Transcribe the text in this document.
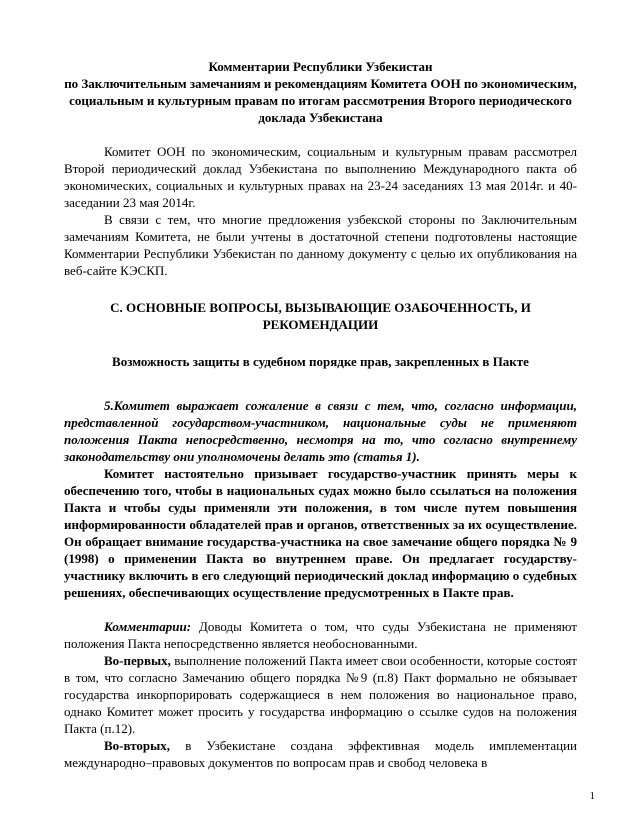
Комментарии Республики Узбекистан

по Заключительным замечаниям и рекомендациям Комитета ООН по экономическим, социальным и культурным правам по итогам рассмотрения Второго периодического доклада Узбекистана

Комитет ООН по экономическим, социальным и культурным правам рассмотрел Второй периодический доклад Узбекистана по выполнению Международного пакта об экономических, социальных и культурных правах на 23-24 заседаниях 13 мая 2014г. и 40-заседании 23 мая 2014г.

В связи с тем, что многие предложения узбекской стороны по Заключительным замечаниям Комитета, не были учтены в достаточной степени подготовлены настоящие Комментарии Республики Узбекистан по данному документу с целью их опубликования на веб-сайте КЭСКП.

С. ОСНОВНЫЕ ВОПРОСЫ, ВЫЗЫВАЮЩИЕ ОЗАБОЧЕННОСТЬ, И РЕКОМЕНДАЦИИ

Возможность защиты в судебном порядке прав, закрепленных в Пакте

5.Комитет выражает сожаление в связи с тем, что, согласно информации, представленной государством-участником, национальные суды не применяют положения Пакта непосредственно, несмотря на то, что согласно внутреннему законодательству они уполномочены делать это (статья 1).

Комитет настоятельно призывает государство-участник принять меры к обеспечению того, чтобы в национальных судах можно было ссылаться на положения Пакта и чтобы суды применяли эти положения, в том числе путем повышения информированности обладателей прав и органов, ответственных за их осуществление. Он обращает внимание государства-участника на свое замечание общего порядка № 9 (1998) о применении Пакта во внутреннем праве. Он предлагает государству-участнику включить в его следующий периодический доклад информацию о судебных решениях, обеспечивающих осуществление предусмотренных в Пакте прав.

Комментарии: Доводы Комитета о том, что суды Узбекистана не применяют положения Пакта непосредственно является необоснованными.

Во-первых, выполнение положений Пакта имеет свои особенности, которые состоят в том, что согласно Замечанию общего порядка №9 (п.8) Пакт формально не обязывает государства инкорпорировать содержащиеся в нем положения во национальное право, однако Комитет может просить у государства информацию о ссылке судов на положения Пакта (п.12).

Во-вторых, в Узбекистане создана эффективная модель имплементации международно–правовых документов по вопросам прав и свобод человека в

1
